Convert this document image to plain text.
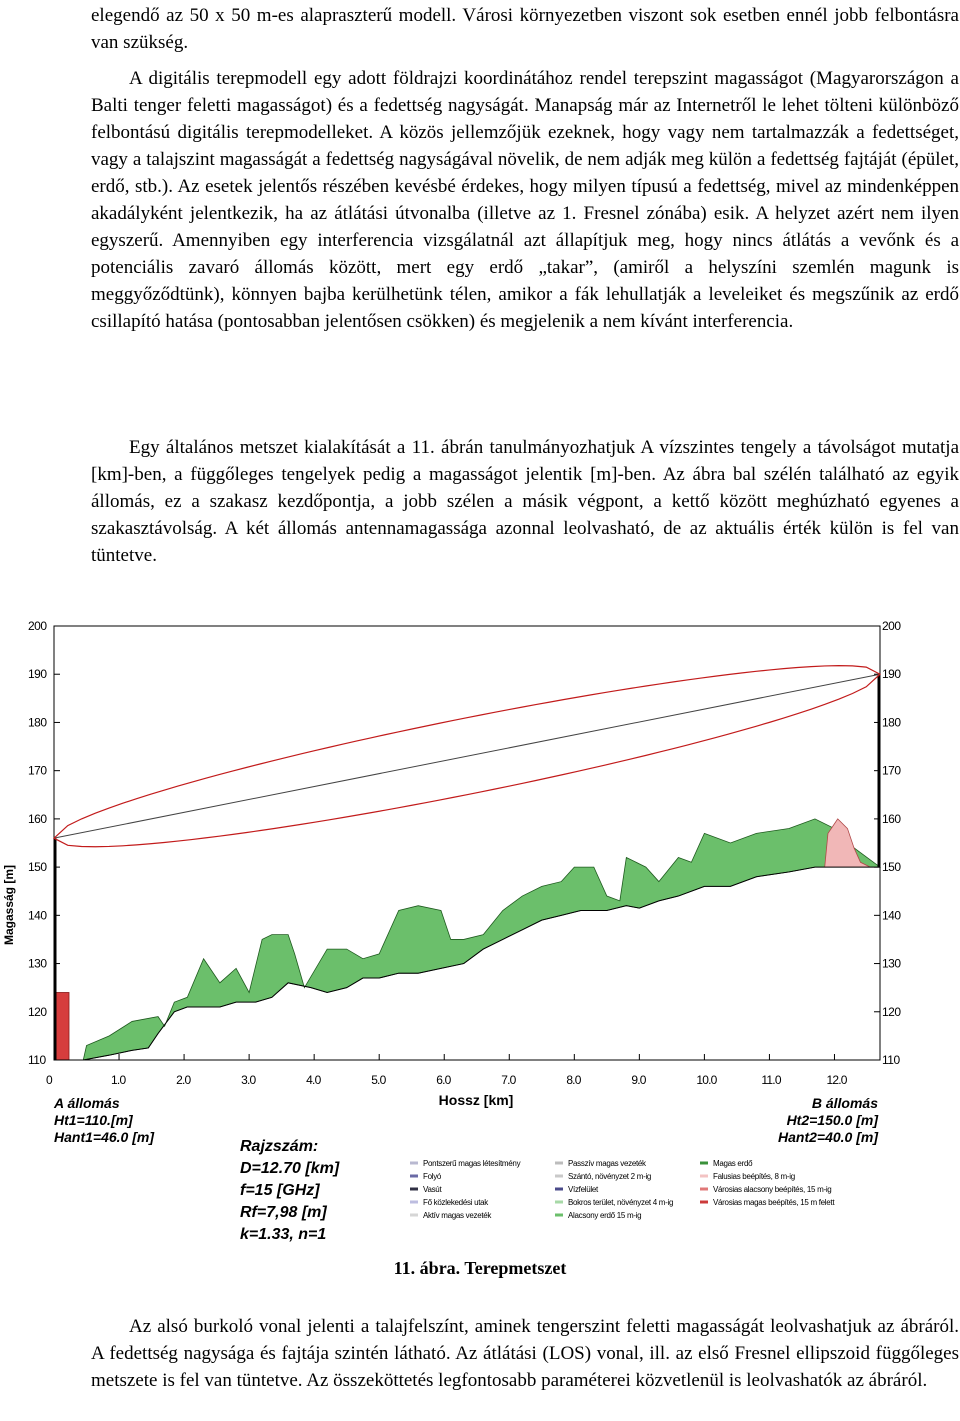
elegendő az 50 x 50 m-es alapraszterű modell. Városi környezetben viszont sok esetben ennél jobb felbontásra van szükség.

A digitális terepmodell egy adott földrajzi koordinátához rendel terepszint magasságot (Magyarországon a Balti tenger feletti magasságot) és a fedettség nagyságát. Manapság már az Internetről le lehet tölteni különböző felbontású digitális terepmodelleket. A közös jellemzőjük ezeknek, hogy vagy nem tartalmazzák a fedettséget, vagy a talajszint magasságát a fedettség nagyságával növelik, de nem adják meg külön a fedettség fajtáját (épület, erdő, stb.). Az esetek jelentős részében kevésbé érdekes, hogy milyen típusú a fedettség, mivel az mindenképpen akadályként jelentkezik, ha az átlátási útvonalba (illetve az 1. Fresnel zónába) esik. A helyzet azért nem ilyen egyszerű. Amennyiben egy interferencia vizsgálatnál azt állapítjuk meg, hogy nincs átlátás a vevőnk és a potenciális zavaró állomás között, mert egy erdő „takar”, (amiről a helyszíni szemlén magunk is meggyőződtünk), könnyen bajba kerülhetünk télen, amikor a fák lehullatják a leveleiket és megszűnik az erdő csillapító hatása (pontosabban jelentősen csökken) és megjelenik a nem kívánt interferencia.

Egy általános metszet kialakítását a 11. ábrán tanulmányozhatjuk A vízszintes tengely a távolságot mutatja [km]-ben, a függőleges tengelyek pedig a magasságot jelentik [m]-ben. Az ábra bal szélén található az egyik állomás, ez a szakasz kezdőpontja, a jobb szélen a másik végpont, a kettő között meghúzható egyenes a szakasztávolság. A két állomás antennamagassága azonnal leolvasható, de az aktuális érték külön is fel van tüntetve.

110	110
120	120
130	130
140	140
150	150
160	160
170	170
180	180
190	190
200	200
0	1.0	2.0	3.0	4.0	5.0	6.0	7.0	8.0	9.0	10.0	11.0	12.0
Magasság [m]
Hossz [km]
A állomás
Ht1=110.[m]
Hant1=46.0 [m]
B állomás
Ht2=150.0 [m]
Hant2=40.0 [m]
Rajzszám:
D=12.70 [km]
f=15 [GHz]
Rf=7,98 [m]
k=1.33, n=1
Pontszerű magas létesítmény
Folyó
Vasút
Fő közlekedési utak
Aktív magas vezeték
Passzív magas vezeték
Szántó, növényzet 2 m-ig
Vízfelület
Bokros terület, növényzet 4 m-ig
Alacsony erdő 15 m-ig
Magas erdő
Falusias beépítés, 8 m-ig
Városias alacsony beépítés, 15 m-ig
Városias magas beépítés, 15 m felett
11. ábra. Terepmetszet

Az alsó burkoló vonal jelenti a talajfelszínt, aminek tengerszint feletti magasságát leolvashatjuk az ábráról. A fedettség nagysága és fajtája szintén látható. Az átlátási (LOS) vonal, ill. az első Fresnel ellipszoid függőleges metszete is fel van tüntetve. Az összeköttetés legfontosabb paraméterei közvetlenül is leolvashatók az ábráról.
